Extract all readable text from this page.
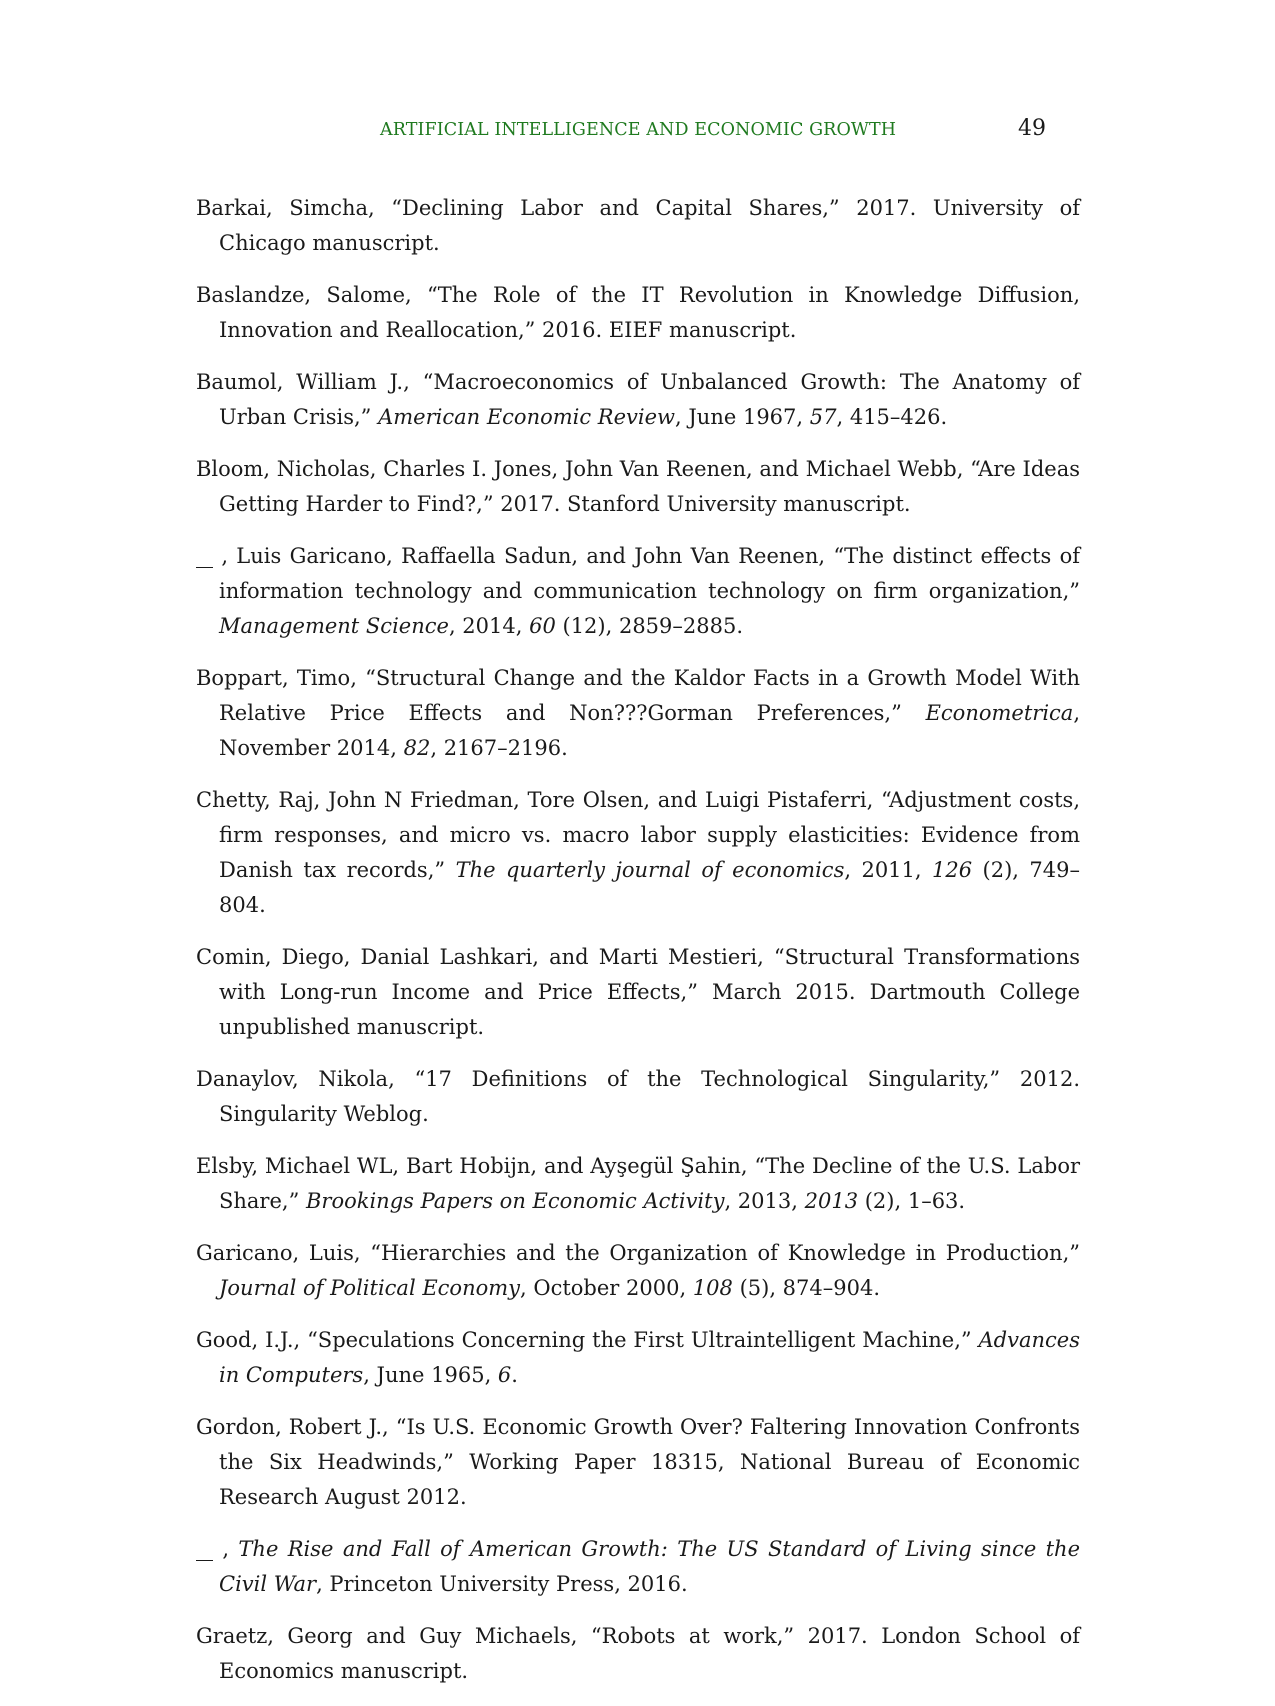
ARTIFICIAL INTELLIGENCE AND ECONOMIC GROWTH	49

Barkai, Simcha, “Declining Labor and Capital Shares,” 2017. University of Chicago manuscript.

Baslandze, Salome, “The Role of the IT Revolution in Knowledge Diffusion, Innovation and Reallocation,” 2016. EIEF manuscript.

Baumol, William J., “Macroeconomics of Unbalanced Growth: The Anatomy of Urban Crisis,” American Economic Review, June 1967, 57, 415–426.

Bloom, Nicholas, Charles I. Jones, John Van Reenen, and Michael Webb, “Are Ideas Getting Harder to Find?,” 2017. Stanford University manuscript.

, Luis Garicano, Raffaella Sadun, and John Van Reenen, “The distinct effects of information technology and communication technology on firm organization,” Management Science, 2014, 60 (12), 2859–2885.

Boppart, Timo, “Structural Change and the Kaldor Facts in a Growth Model With Relative Price Effects and Non???Gorman Preferences,” Econometrica, November 2014, 82, 2167–2196.

Chetty, Raj, John N Friedman, Tore Olsen, and Luigi Pistaferri, “Adjustment costs, firm responses, and micro vs. macro labor supply elasticities: Evidence from Danish tax records,” The quarterly journal of economics, 2011, 126 (2), 749–804.

Comin, Diego, Danial Lashkari, and Marti Mestieri, “Structural Transformations with Long-run Income and Price Effects,” March 2015. Dartmouth College unpublished manuscript.

Danaylov, Nikola, “17 Definitions of the Technological Singularity,” 2012. Singularity Weblog.

Elsby, Michael WL, Bart Hobijn, and Ayşegül Şahin, “The Decline of the U.S. Labor Share,” Brookings Papers on Economic Activity, 2013, 2013 (2), 1–63.

Garicano, Luis, “Hierarchies and the Organization of Knowledge in Production,” Journal of Political Economy, October 2000, 108 (5), 874–904.

Good, I.J., “Speculations Concerning the First Ultraintelligent Machine,” Advances in Computers, June 1965, 6.

Gordon, Robert J., “Is U.S. Economic Growth Over? Faltering Innovation Confronts the Six Headwinds,” Working Paper 18315, National Bureau of Economic Research August 2012.

, The Rise and Fall of American Growth: The US Standard of Living since the Civil War, Princeton University Press, 2016.

Graetz, Georg and Guy Michaels, “Robots at work,” 2017. London School of Economics manuscript.
